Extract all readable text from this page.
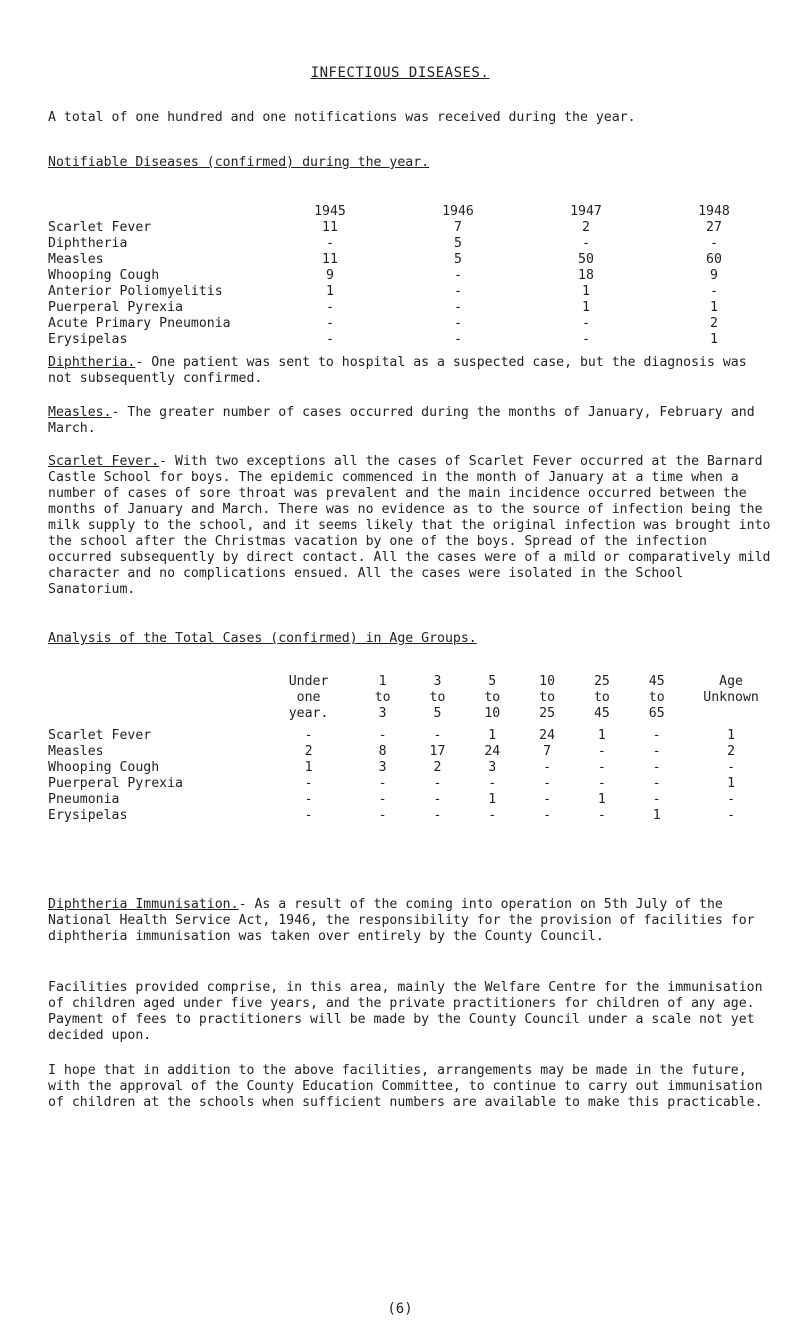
INFECTIOUS DISEASES.

A total of one hundred and one notifications was received during the year.

Notifiable Diseases (confirmed) during the year.

	1945	1946	1947	1948
Scarlet Fever	11	7	2	27
Diphtheria	-	5	-	-
Measles	11	5	50	60
Whooping Cough	9	-	18	9
Anterior Poliomyelitis	1	-	1	-
Puerperal Pyrexia	-	-	1	1
Acute Primary Pneumonia	-	-	-	2
Erysipelas	-	-	-	1

Diphtheria.- One patient was sent to hospital as a suspected case, but the diagnosis was not subsequently confirmed.

Measles.- The greater number of cases occurred during the months of January, February and March.

Scarlet Fever.- With two exceptions all the cases of Scarlet Fever occurred at the Barnard Castle School for boys. The epidemic commenced in the month of January at a time when a number of cases of sore throat was prevalent and the main incidence occurred between the months of January and March. There was no evidence as to the source of infection being the milk supply to the school, and it seems likely that the original infection was brought into the school after the Christmas vacation by one of the boys. Spread of the infection occurred subsequently by direct contact. All the cases were of a mild or comparatively mild character and no complications ensued. All the cases were isolated in the School Sanatorium.

Analysis of the Total Cases (confirmed) in Age Groups.

	Under	1	3	5	10	25	45	Age
	one	to	to	to	to	to	to	Unknown
	year.	3	5	10	25	45	65	

Scarlet Fever	-	-	-	1	24	1	-	1
Measles	2	8	17	24	7	-	-	2
Whooping Cough	1	3	2	3	-	-	-	-
Puerperal Pyrexia	-	-	-	-	-	-	-	1
Pneumonia	-	-	-	1	-	1	-	-
Erysipelas	-	-	-	-	-	-	1	-

Diphtheria Immunisation.- As a result of the coming into operation on 5th July of the National Health Service Act, 1946, the responsibility for the provision of facilities for diphtheria immunisation was taken over entirely by the County Council.

Facilities provided comprise, in this area, mainly the Welfare Centre for the immunisation of children aged under five years, and the private practitioners for children of any age. Payment of fees to practitioners will be made by the County Council under a scale not yet decided upon.

I hope that in addition to the above facilities, arrangements may be made in the future, with the approval of the County Education Committee, to continue to carry out immunisation of children at the schools when sufficient numbers are available to make this practicable.

(6)
